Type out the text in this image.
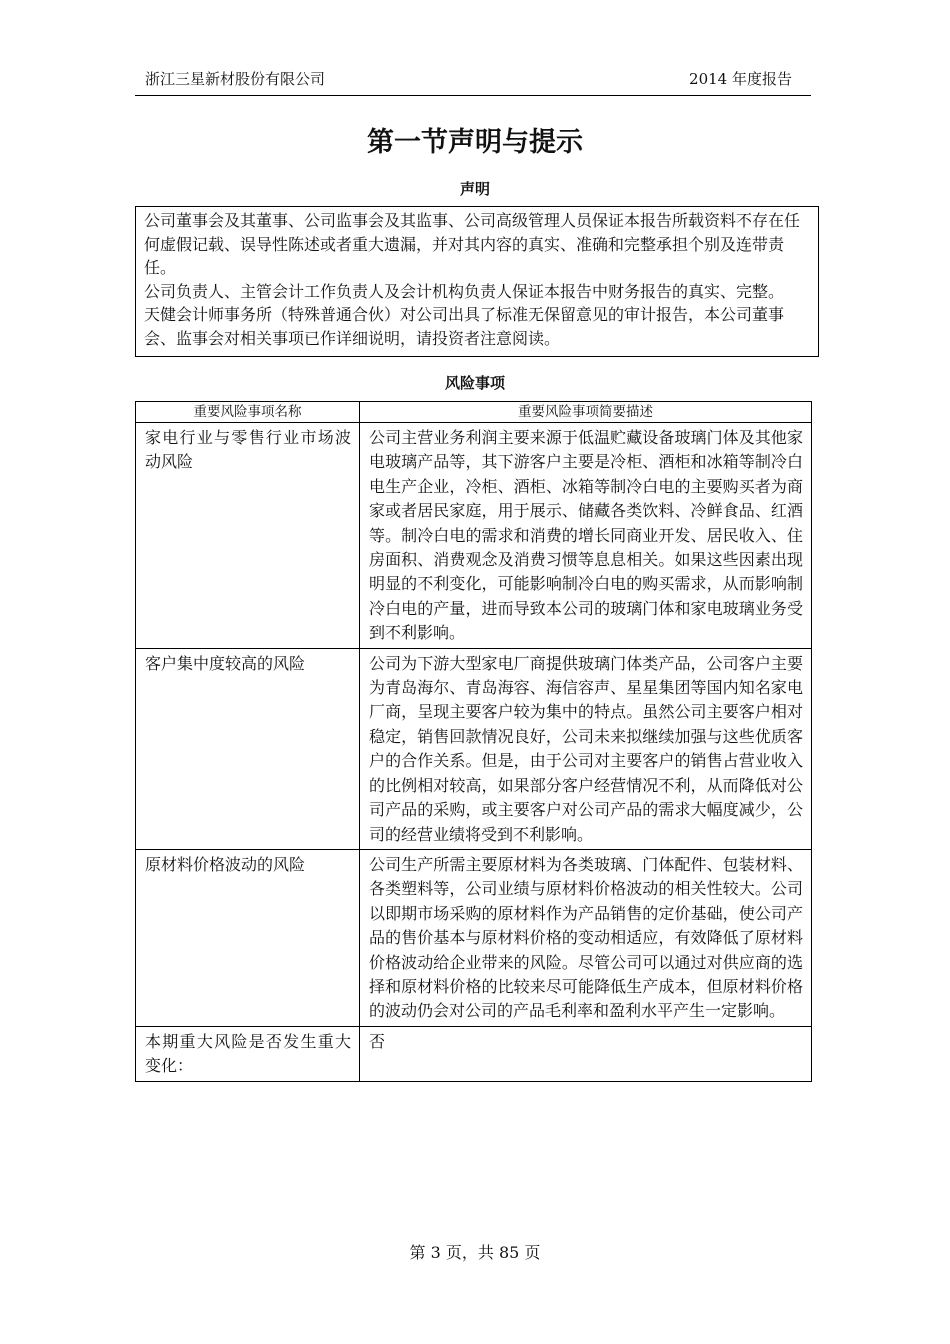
浙江三星新材股份有限公司	2014 年度报告
第一节声明与提示
声明

公司董事会及其董事、公司监事会及其监事、公司高级管理人员保证本报告所载资料不存在任何虚假记载、误导性陈述或者重大遗漏，并对其内容的真实、准确和完整承担个别及连带责任。

公司负责人、主管会计工作负责人及会计机构负责人保证本报告中财务报告的真实、完整。

天健会计师事务所（特殊普通合伙）对公司出具了标准无保留意见的审计报告，本公司董事会、监事会对相关事项已作详细说明，请投资者注意阅读。

风险事项
重要风险事项名称	重要风险事项简要描述
家电行业与零售行业市场波动风险	公司主营业务利润主要来源于低温贮藏设备玻璃门体及其他家电玻璃产品等，其下游客户主要是冷柜、酒柜和冰箱等制冷白电生产企业，冷柜、酒柜、冰箱等制冷白电的主要购买者为商家或者居民家庭，用于展示、储藏各类饮料、冷鲜食品、红酒等。制冷白电的需求和消费的增长同商业开发、居民收入、住房面积、消费观念及消费习惯等息息相关。如果这些因素出现明显的不利变化，可能影响制冷白电的购买需求，从而影响制冷白电的产量，进而导致本公司的玻璃门体和家电玻璃业务受到不利影响。
客户集中度较高的风险	公司为下游大型家电厂商提供玻璃门体类产品，公司客户主要为青岛海尔、青岛海容、海信容声、星星集团等国内知名家电厂商，呈现主要客户较为集中的特点。虽然公司主要客户相对稳定，销售回款情况良好，公司未来拟继续加强与这些优质客户的合作关系。但是，由于公司对主要客户的销售占营业收入的比例相对较高，如果部分客户经营情况不利，从而降低对公司产品的采购，或主要客户对公司产品的需求大幅度减少，公司的经营业绩将受到不利影响。
原材料价格波动的风险	公司生产所需主要原材料为各类玻璃、门体配件、包装材料、各类塑料等，公司业绩与原材料价格波动的相关性较大。公司以即期市场采购的原材料作为产品销售的定价基础，使公司产品的售价基本与原材料价格的变动相适应，有效降低了原材料价格波动给企业带来的风险。尽管公司可以通过对供应商的选择和原材料价格的比较来尽可能降低生产成本，但原材料价格的波动仍会对公司的产品毛利率和盈利水平产生一定影响。
本期重大风险是否发生重大变化：	否
第 3 页，共 85 页
